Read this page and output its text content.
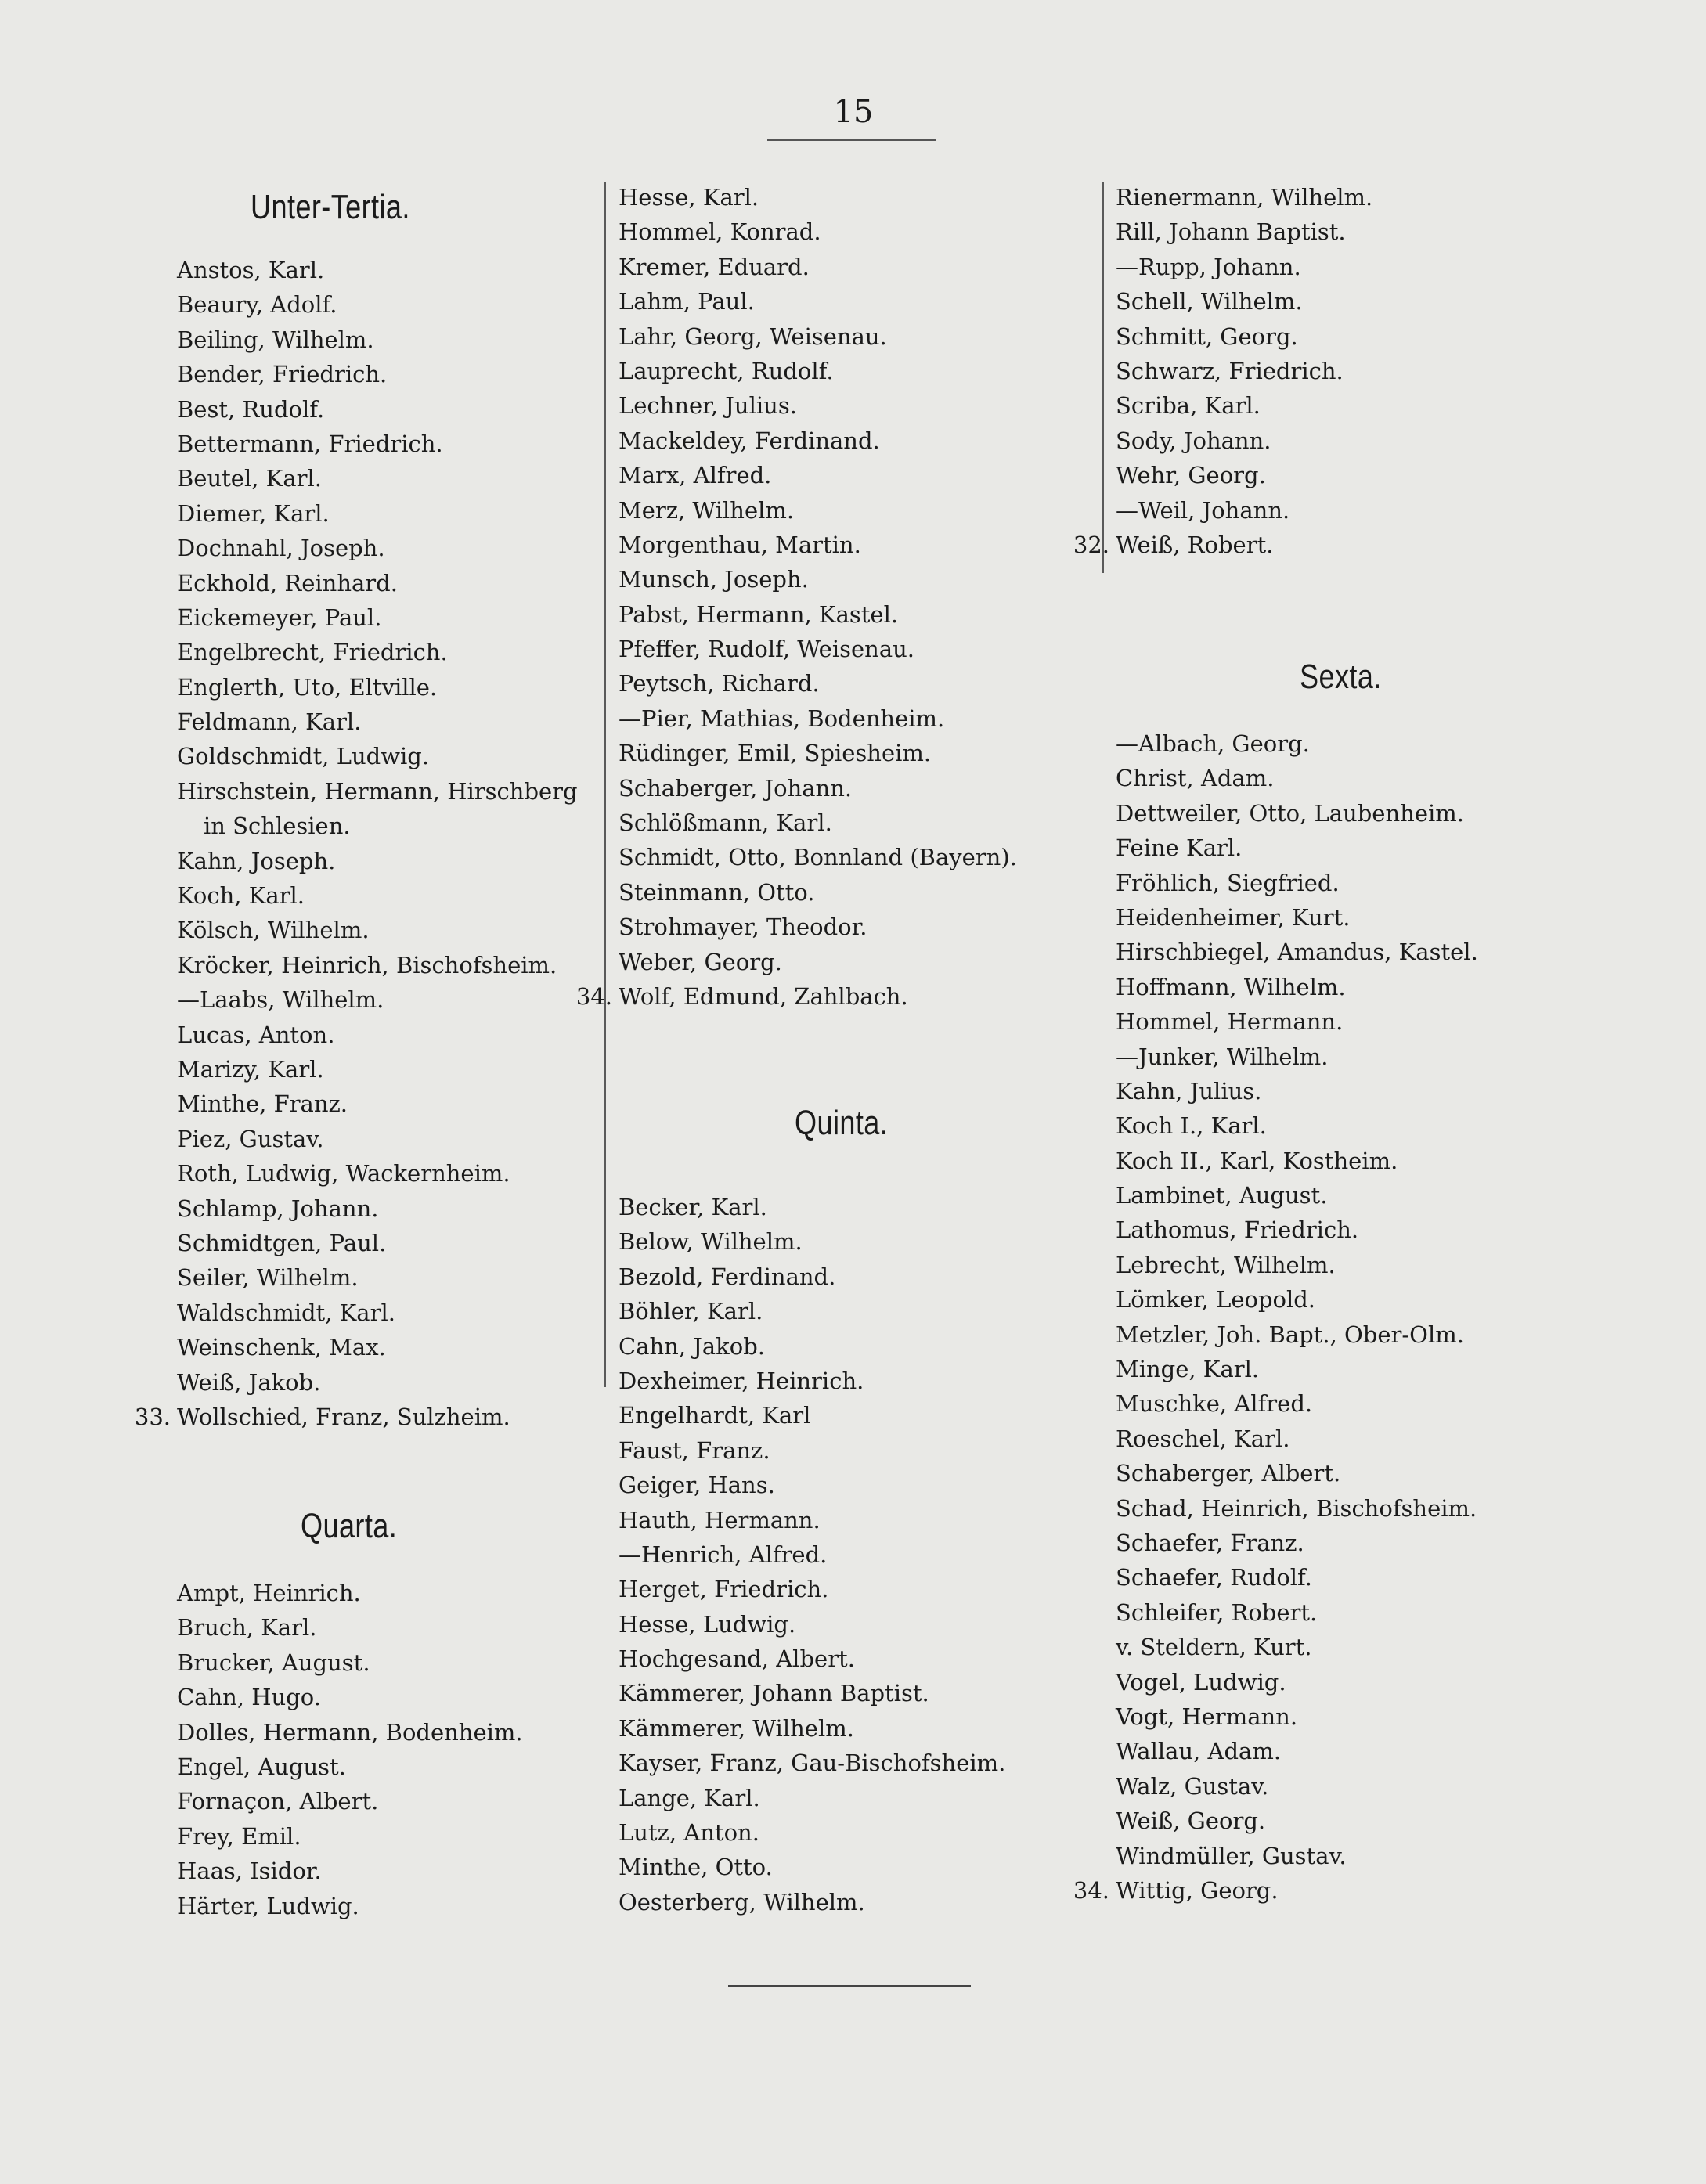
15
Unter-Tertia.
Anstos, Karl.
Beaury, Adolf.
Beiling, Wilhelm.
Bender, Friedrich.
Best, Rudolf.
Bettermann, Friedrich.
Beutel, Karl.
Diemer, Karl.
Dochnahl, Joseph.
Eckhold, Reinhard.
Eickemeyer, Paul.
Engelbrecht, Friedrich.
Englerth, Uto, Eltville.
Feldmann, Karl.
Goldschmidt, Ludwig.
Hirschstein, Hermann, Hirschberg
in Schlesien.
Kahn, Joseph.
Koch, Karl.
Kölsch, Wilhelm.
Kröcker, Heinrich, Bischofsheim.
—Laabs, Wilhelm.
Lucas, Anton.
Marizy, Karl.
Minthe, Franz.
Piez, Gustav.
Roth, Ludwig, Wackernheim.
Schlamp, Johann.
Schmidtgen, Paul.
Seiler, Wilhelm.
Waldschmidt, Karl.
Weinschenk, Max.
Weiß, Jakob.
33. Wollschied, Franz, Sulzheim.
Quarta.
Ampt, Heinrich.
Bruch, Karl.
Brucker, August.
Cahn, Hugo.
Dolles, Hermann, Bodenheim.
Engel, August.
Fornaçon, Albert.
Frey, Emil.
Haas, Isidor.
Härter, Ludwig.
Hesse, Karl.
Hommel, Konrad.
Kremer, Eduard.
Lahm, Paul.
Lahr, Georg, Weisenau.
Lauprecht, Rudolf.
Lechner, Julius.
Mackeldey, Ferdinand.
Marx, Alfred.
Merz, Wilhelm.
Morgenthau, Martin.
Munsch, Joseph.
Pabst, Hermann, Kastel.
Pfeffer, Rudolf, Weisenau.
Peytsch, Richard.
—Pier, Mathias, Bodenheim.
Rüdinger, Emil, Spiesheim.
Schaberger, Johann.
Schlößmann, Karl.
Schmidt, Otto, Bonnland (Bayern).
Steinmann, Otto.
Strohmayer, Theodor.
Weber, Georg.
34. Wolf, Edmund, Zahlbach.
Quinta.
Becker, Karl.
Below, Wilhelm.
Bezold, Ferdinand.
Böhler, Karl.
Cahn, Jakob.
Dexheimer, Heinrich.
Engelhardt, Karl
Faust, Franz.
Geiger, Hans.
Hauth, Hermann.
—Henrich, Alfred.
Herget, Friedrich.
Hesse, Ludwig.
Hochgesand, Albert.
Kämmerer, Johann Baptist.
Kämmerer, Wilhelm.
Kayser, Franz, Gau-Bischofsheim.
Lange, Karl.
Lutz, Anton.
Minthe, Otto.
Oesterberg, Wilhelm.
Rienermann, Wilhelm.
Rill, Johann Baptist.
—Rupp, Johann.
Schell, Wilhelm.
Schmitt, Georg.
Schwarz, Friedrich.
Scriba, Karl.
Sody, Johann.
Wehr, Georg.
—Weil, Johann.
32. Weiß, Robert.
Sexta.
—Albach, Georg.
Christ, Adam.
Dettweiler, Otto, Laubenheim.
Feine Karl.
Fröhlich, Siegfried.
Heidenheimer, Kurt.
Hirschbiegel, Amandus, Kastel.
Hoffmann, Wilhelm.
Hommel, Hermann.
—Junker, Wilhelm.
Kahn, Julius.
Koch I., Karl.
Koch II., Karl, Kostheim.
Lambinet, August.
Lathomus, Friedrich.
Lebrecht, Wilhelm.
Lömker, Leopold.
Metzler, Joh. Bapt., Ober-Olm.
Minge, Karl.
Muschke, Alfred.
Roeschel, Karl.
Schaberger, Albert.
Schad, Heinrich, Bischofsheim.
Schaefer, Franz.
Schaefer, Rudolf.
Schleifer, Robert.
v. Steldern, Kurt.
Vogel, Ludwig.
Vogt, Hermann.
Wallau, Adam.
Walz, Gustav.
Weiß, Georg.
Windmüller, Gustav.
34. Wittig, Georg.
